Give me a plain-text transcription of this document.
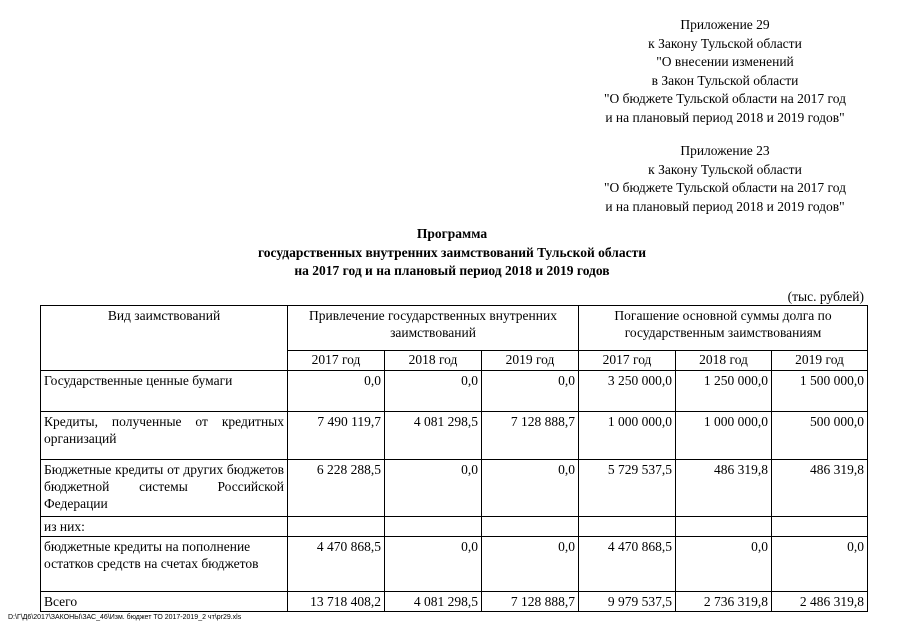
Приложение 29
к Закону Тульской области
"О внесении изменений
в Закон Тульской области
"О бюджете Тульской области на 2017 год
и на плановый период 2018 и 2019 годов"
Приложение 23
к Закону Тульской области
"О бюджете Тульской области на 2017 год
и на плановый период 2018 и 2019 годов"
Программа
государственных внутренних заимствований Тульской области
на 2017 год и на плановый период 2018 и 2019 годов
(тыс. рублей)
Вид заимствований	Привлечение государственных внутренних заимствований			Погашение основной суммы долга по государственным заимствованиям		
	2017 год	2018 год	2019 год	2017 год	2018 год	2019 год
Государственные ценные бумаги	0,0	0,0	0,0	3 250 000,0	1 250 000,0	1 500 000,0
Кредиты, полученные от кредитных организаций	7 490 119,7	4 081 298,5	7 128 888,7	1 000 000,0	1 000 000,0	500 000,0
Бюджетные кредиты от других бюджетов бюджетной системы Российской Федерации	6 228 288,5	0,0	0,0	5 729 537,5	486 319,8	486 319,8
из них:						
бюджетные кредиты на пополнение остатков средств на счетах бюджетов	4 470 868,5	0,0	0,0	4 470 868,5	0,0	0,0
Всего	13 718 408,2	4 081 298,5	7 128 888,7	9 979 537,5	2 736 319,8	2 486 319,8
D:\Г\Д6\2017\ЗАКОНЫ\ЗАС_46\Изм. бюджет ТО 2017-2019_2 чт\pr29.xls
